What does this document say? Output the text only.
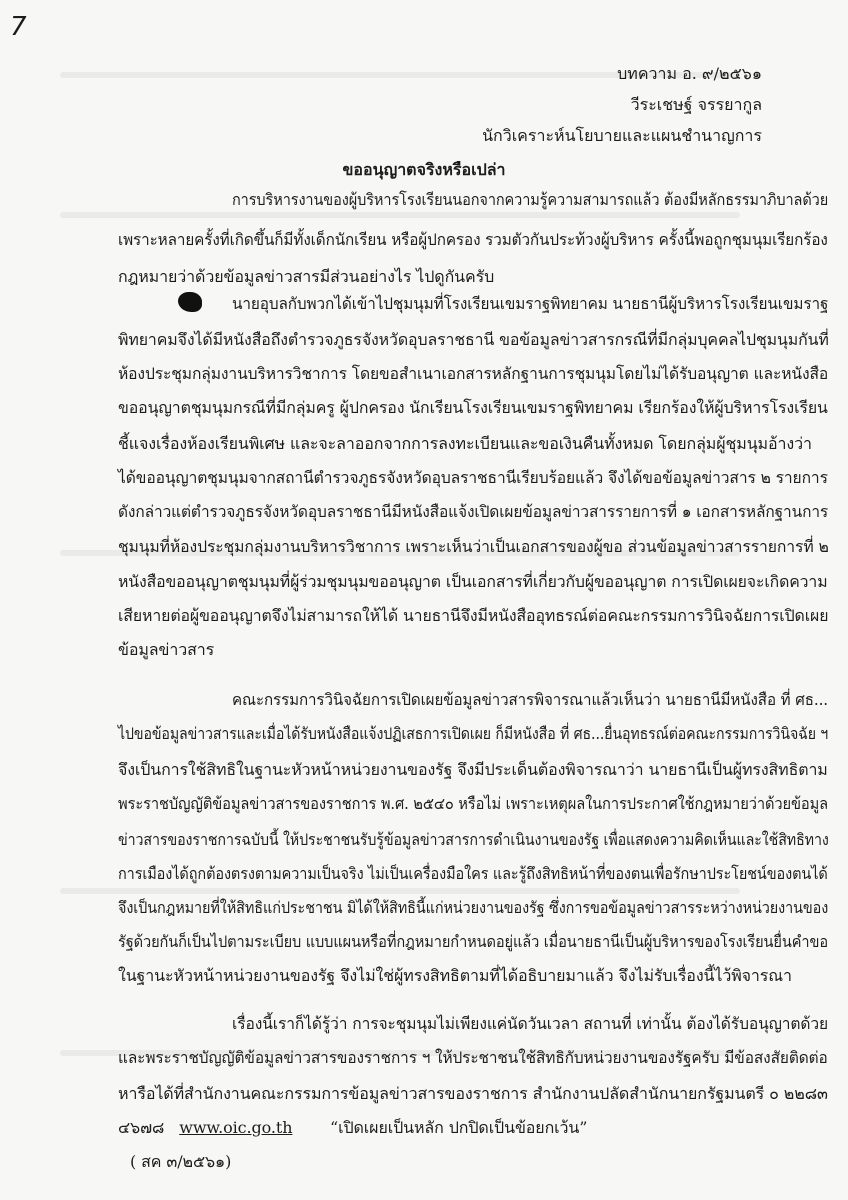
7
บทความ อ. ๙/๒๕๖๑
วีระเชษฐ์ จรรยากูล
นักวิเคราะห์นโยบายและแผนชำนาญการ
ขออนุญาตจริงหรือเปล่า
การบริหารงานของผู้บริหารโรงเรียนนอกจากความรู้ความสามารถแล้ว ต้องมีหลักธรรมาภิบาลด้วย
เพราะหลายครั้งที่เกิดขึ้นก็มีทั้งเด็กนักเรียน หรือผู้ปกครอง รวมตัวกันประท้วงผู้บริหาร ครั้งนี้พอถูกชุมนุมเรียกร้อง
กฎหมายว่าด้วยข้อมูลข่าวสารมีส่วนอย่างไร ไปดูกันครับ
นายอุบลกับพวกได้เข้าไปชุมนุมที่โรงเรียนเขมราฐพิทยาคม นายธานีผู้บริหารโรงเรียนเขมราฐ
พิทยาคมจึงได้มีหนังสือถึงตำรวจภูธรจังหวัดอุบลราชธานี ขอข้อมูลข่าวสารกรณีที่มีกลุ่มบุคคลไปชุมนุมกันที่
ห้องประชุมกลุ่มงานบริหารวิชาการ โดยขอสำเนาเอกสารหลักฐานการชุมนุมโดยไม่ได้รับอนุญาต และหนังสือ
ขออนุญาตชุมนุมกรณีที่มีกลุ่มครู ผู้ปกครอง นักเรียนโรงเรียนเขมราฐพิทยาคม เรียกร้องให้ผู้บริหารโรงเรียน
ชี้แจงเรื่องห้องเรียนพิเศษ และจะลาออกจากการลงทะเบียนและขอเงินคืนทั้งหมด โดยกลุ่มผู้ชุมนุมอ้างว่า
ได้ขออนุญาตชุมนุมจากสถานีตำรวจภูธรจังหวัดอุบลราชธานีเรียบร้อยแล้ว จึงได้ขอข้อมูลข่าวสาร ๒ รายการ
ดังกล่าวแต่ตำรวจภูธรจังหวัดอุบลราชธานีมีหนังสือแจ้งเปิดเผยข้อมูลข่าวสารรายการที่ ๑ เอกสารหลักฐานการ
ชุมนุมที่ห้องประชุมกลุ่มงานบริหารวิชาการ เพราะเห็นว่าเป็นเอกสารของผู้ขอ ส่วนข้อมูลข่าวสารรายการที่ ๒
หนังสือขออนุญาตชุมนุมที่ผู้ร่วมชุมนุมขออนุญาต เป็นเอกสารที่เกี่ยวกับผู้ขออนุญาต การเปิดเผยจะเกิดความ
เสียหายต่อผู้ขออนุญาตจึงไม่สามารถให้ได้ นายธานีจึงมีหนังสืออุทธรณ์ต่อคณะกรรมการวินิจฉัยการเปิดเผย
ข้อมูลข่าวสาร
คณะกรรมการวินิจฉัยการเปิดเผยข้อมูลข่าวสารพิจารณาแล้วเห็นว่า นายธานีมีหนังสือ ที่ ศธ...
ไปขอข้อมูลข่าวสารและเมื่อได้รับหนังสือแจ้งปฏิเสธการเปิดเผย ก็มีหนังสือ ที่ ศธ...ยื่นอุทธรณ์ต่อคณะกรรมการวินิจฉัย ฯ
จึงเป็นการใช้สิทธิในฐานะหัวหน้าหน่วยงานของรัฐ จึงมีประเด็นต้องพิจารณาว่า นายธานีเป็นผู้ทรงสิทธิตาม
พระราชบัญญัติข้อมูลข่าวสารของราชการ พ.ศ. ๒๕๔๐ หรือไม่ เพราะเหตุผลในการประกาศใช้กฎหมายว่าด้วยข้อมูล
ข่าวสารของราชการฉบับนี้ ให้ประชาชนรับรู้ข้อมูลข่าวสารการดำเนินงานของรัฐ เพื่อแสดงความคิดเห็นและใช้สิทธิทาง
การเมืองได้ถูกต้องตรงตามความเป็นจริง ไม่เป็นเครื่องมือใคร และรู้ถึงสิทธิหน้าที่ของตนเพื่อรักษาประโยชน์ของตนได้
จึงเป็นกฎหมายที่ให้สิทธิแก่ประชาชน มิได้ให้สิทธินี้แก่หน่วยงานของรัฐ ซึ่งการขอข้อมูลข่าวสารระหว่างหน่วยงานของ
รัฐด้วยกันก็เป็นไปตามระเบียบ แบบแผนหรือที่กฎหมายกำหนดอยู่แล้ว เมื่อนายธานีเป็นผู้บริหารของโรงเรียนยื่นคำขอ
ในฐานะหัวหน้าหน่วยงานของรัฐ จึงไม่ใช่ผู้ทรงสิทธิตามที่ได้อธิบายมาแล้ว จึงไม่รับเรื่องนี้ไว้พิจารณา
เรื่องนี้เราก็ได้รู้ว่า การจะชุมนุมไม่เพียงแค่นัดวันเวลา สถานที่ เท่านั้น ต้องได้รับอนุญาตด้วย
และพระราชบัญญัติข้อมูลข่าวสารของราชการ ฯ ให้ประชาชนใช้สิทธิกับหน่วยงานของรัฐครับ มีข้อสงสัยติดต่อ
หารือได้ที่สำนักงานคณะกรรมการข้อมูลข่าวสารของราชการ สำนักงานปลัดสำนักนายกรัฐมนตรี ๐ ๒๒๘๓
๔๖๗๘ www.oic.go.th “เปิดเผยเป็นหลัก ปกปิดเป็นข้อยกเว้น”
( สค ๓/๒๕๖๑)
